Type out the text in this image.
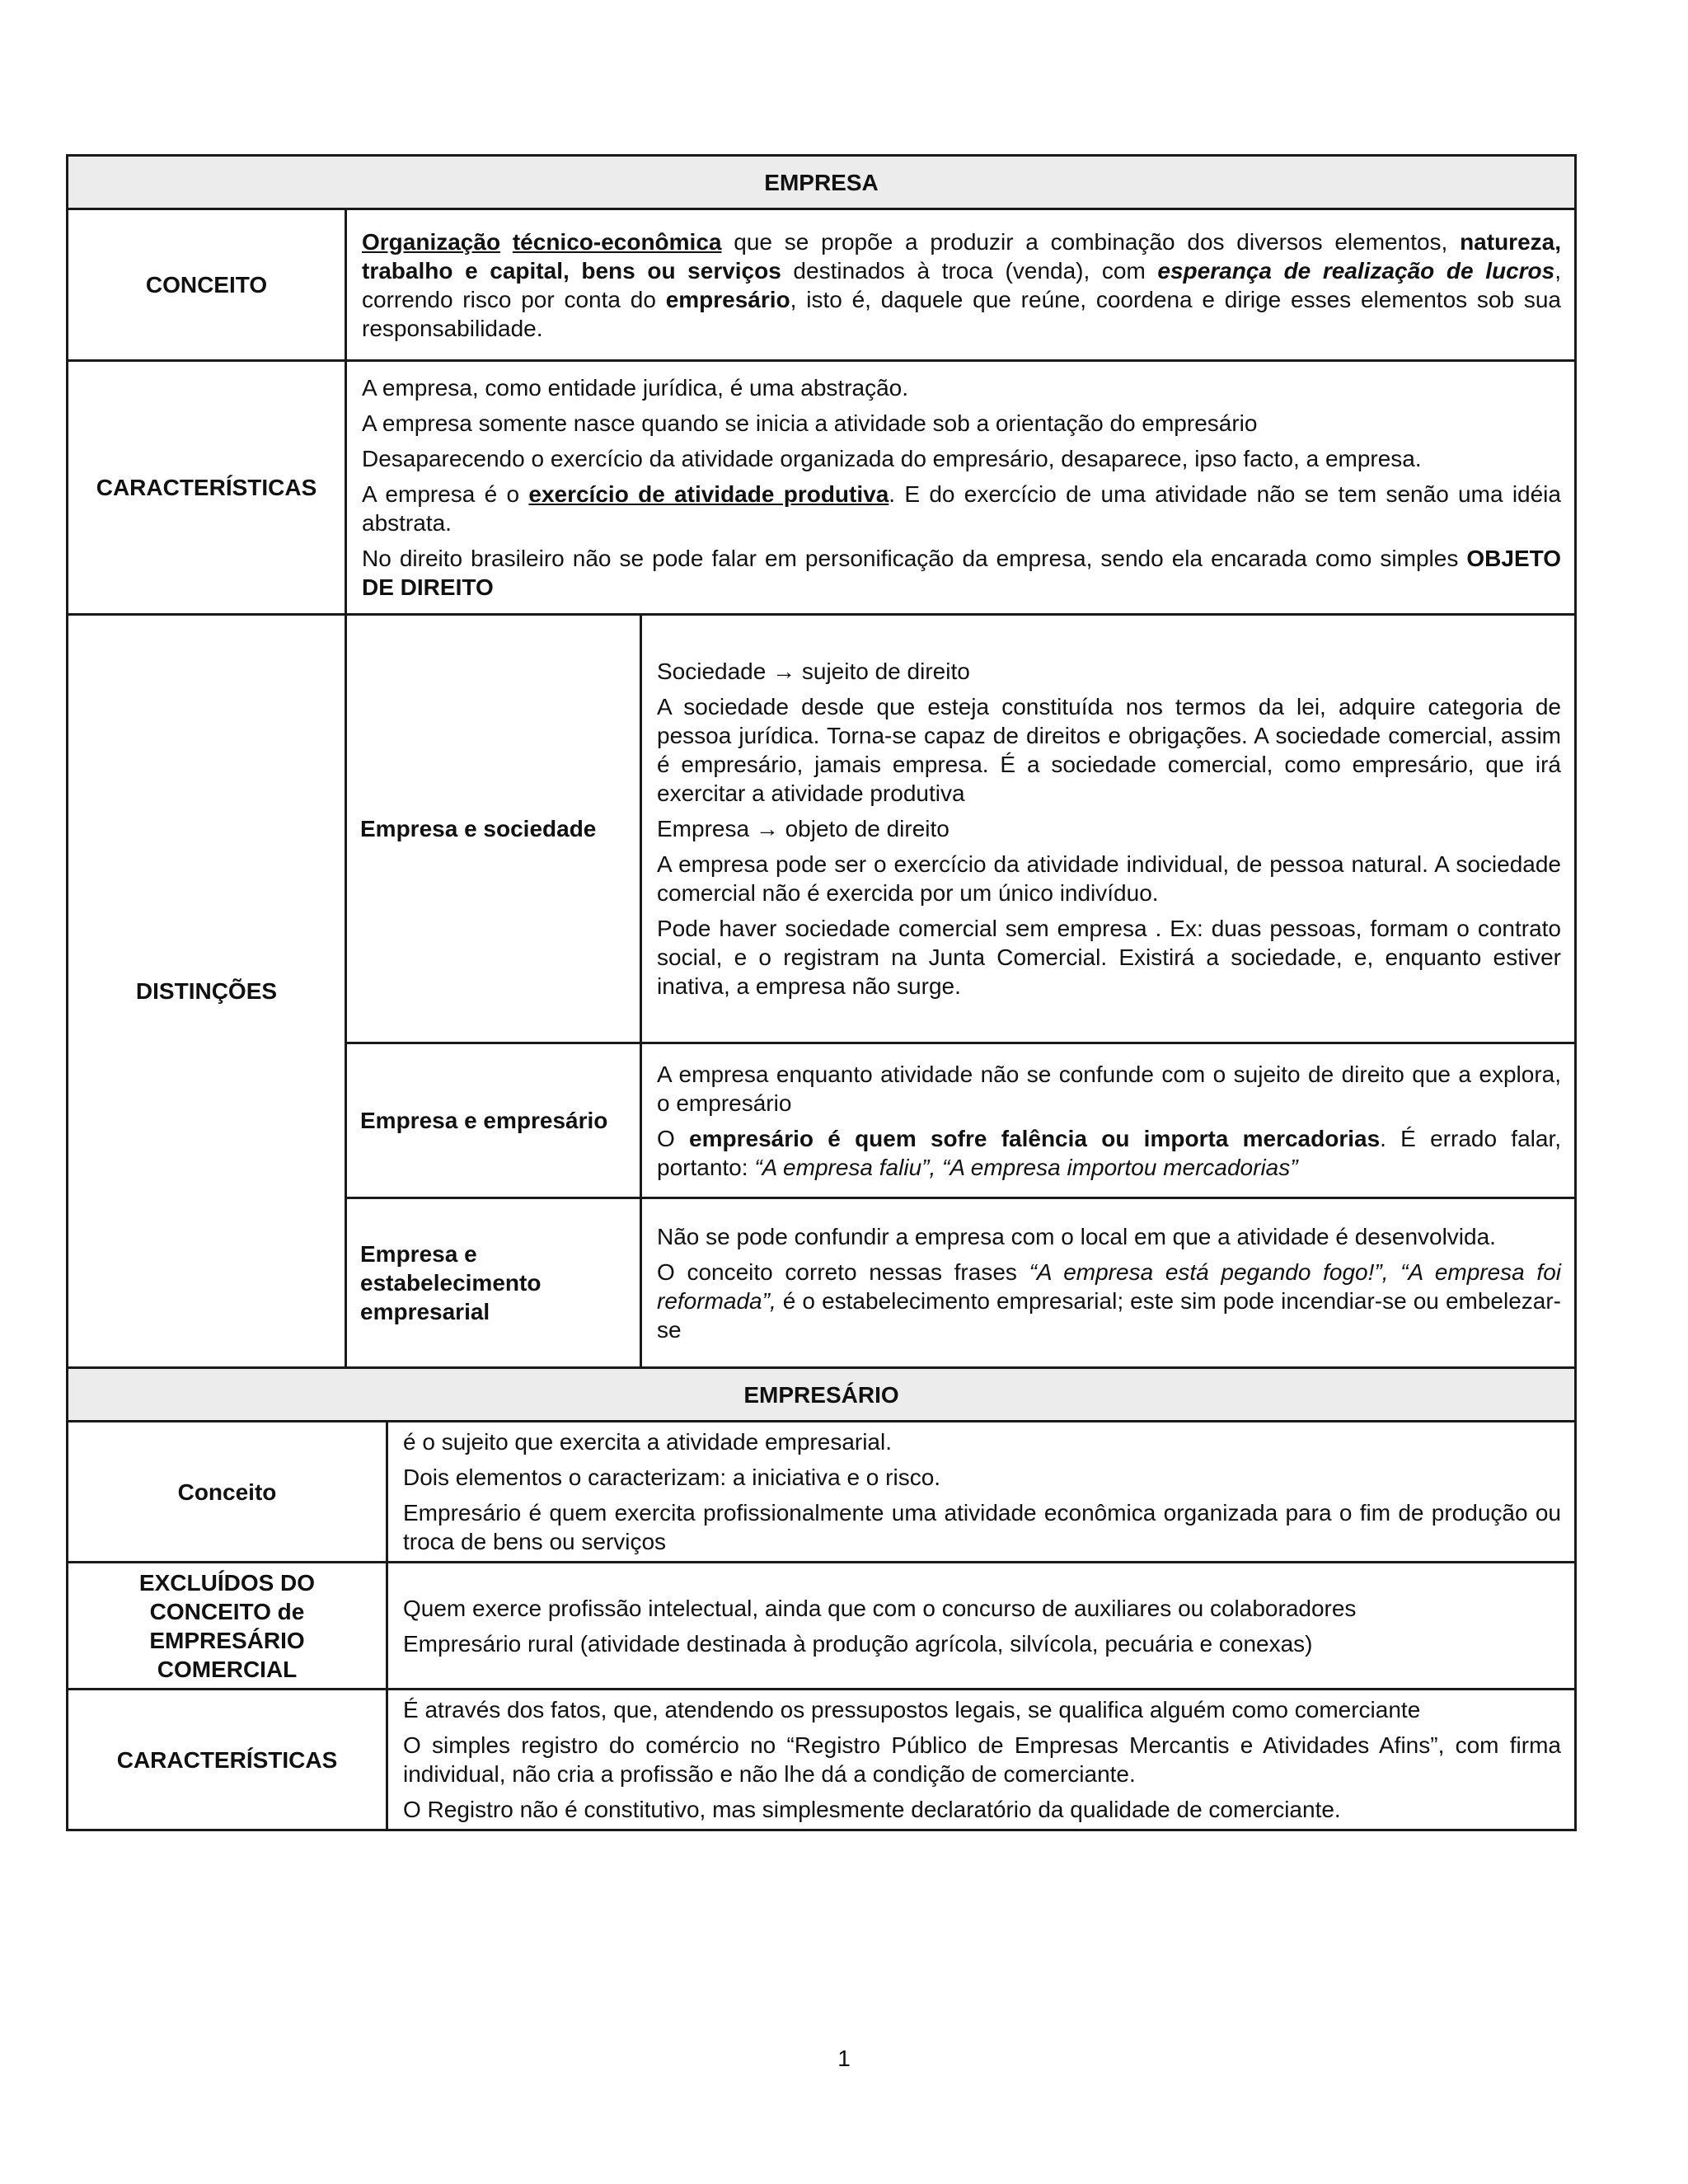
EMPRESA		
CONCEITO	Organização técnico-econômica que se propõe a produzir a combinação dos diversos elementos, natureza, trabalho e capital, bens ou serviços destinados à troca (venda), com esperança de realização de lucros, correndo risco por conta do empresário, isto é, daquele que reúne, coordena e dirige esses elementos sob sua responsabilidade.	

CARACTERÍSTICAS	A empresa, como entidade jurídica, é uma abstração.

A empresa somente nasce quando se inicia a atividade sob a orientação do empresário

Desaparecendo o exercício da atividade organizada do empresário, desaparece, ipso facto, a empresa.

A empresa é o exercício de atividade produtiva. E do exercício de uma atividade não se tem senão uma idéia abstrata.

No direito brasileiro não se pode falar em personificação da empresa, sendo ela encarada como simples OBJETO DE DIREITO	

DISTINÇÕES	Empresa e sociedade	Sociedade → sujeito de direito

A sociedade desde que esteja constituída nos termos da lei, adquire categoria de pessoa jurídica. Torna-se capaz de direitos e obrigações. A sociedade comercial, assim é empresário, jamais empresa. É a sociedade comercial, como empresário, que irá exercitar a atividade produtiva

Empresa → objeto de direito

A empresa pode ser o exercício da atividade individual, de pessoa natural. A sociedade comercial não é exercida por um único indivíduo.

Pode haver sociedade comercial sem empresa . Ex: duas pessoas, formam o contrato social, e o registram na Junta Comercial. Existirá a sociedade, e, enquanto estiver inativa, a empresa não surge.

	Empresa e empresário	A empresa enquanto atividade não se confunde com o sujeito de direito que a explora, o empresário

O empresário é quem sofre falência ou importa mercadorias. É errado falar, portanto: “A empresa faliu”, “A empresa importou mercadorias”

	Empresa e estabelecimento empresarial	Não se pode confundir a empresa com o local em que a atividade é desenvolvida.

O conceito correto nessas frases “A empresa está pegando fogo!”, “A empresa foi reformada”, é o estabelecimento empresarial; este sim pode incendiar-se ou embelezar-se

EMPRESÁRIO	
Conceito	é o sujeito que exercita a atividade empresarial.

Dois elementos o caracterizam: a iniciativa e o risco.

Empresário é quem exercita profissionalmente uma atividade econômica organizada para o fim de produção ou troca de bens ou serviços

EXCLUÍDOS DO CONCEITO de EMPRESÁRIO COMERCIAL	Quem exerce profissão intelectual, ainda que com o concurso de auxiliares ou colaboradores

Empresário rural (atividade destinada à produção agrícola, silvícola, pecuária e conexas)

CARACTERÍSTICAS	É através dos fatos, que, atendendo os pressupostos legais, se qualifica alguém como comerciante

O simples registro do comércio no “Registro Público de Empresas Mercantis e Atividades Afins”, com firma individual, não cria a profissão e não lhe dá a condição de comerciante.

O Registro não é constitutivo, mas simplesmente declaratório da qualidade de comerciante.

1
